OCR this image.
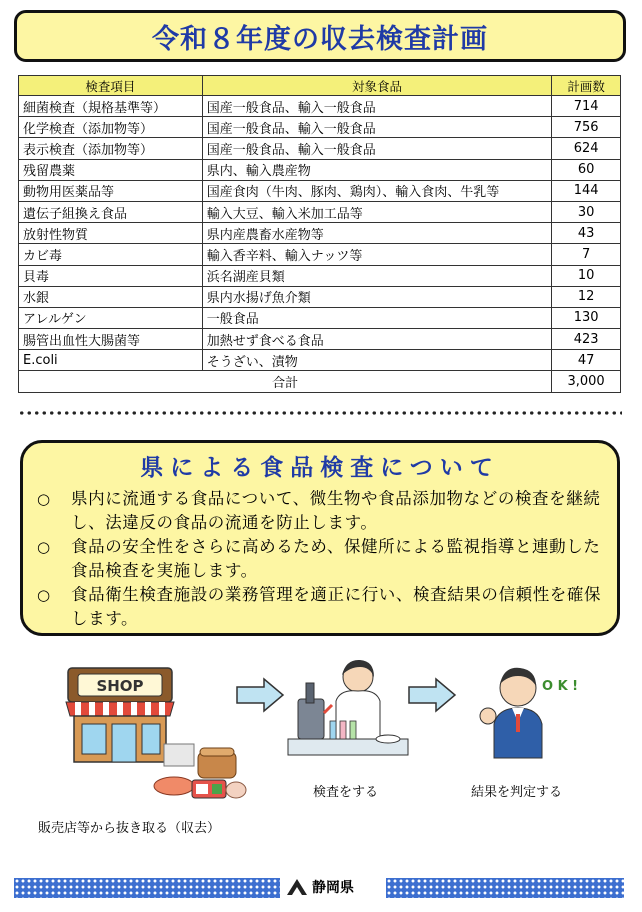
令和８年度の収去検査計画
検査項目	対象食品	計画数
細菌検査（規格基準等）	国産一般食品、輸入一般食品	714
化学検査（添加物等）	国産一般食品、輸入一般食品	756
表示検査（添加物等）	国産一般食品、輸入一般食品	624
残留農薬	県内、輸入農産物	60
動物用医薬品等	国産食肉（牛肉、豚肉、鶏肉）、輸入食肉、牛乳等	144
遺伝子組換え食品	輸入大豆、輸入米加工品等	30
放射性物質	県内産農畜水産物等	43
カビ毒	輸入香辛料、輸入ナッツ等	7
貝毒	浜名湖産貝類	10
水銀	県内水揚げ魚介類	12
アレルゲン	一般食品	130
腸管出血性大腸菌等	加熱せず食べる食品	423
E.coli	そうざい、漬物	47
合計		3,000
県による食品検査について
○	県内に流通する食品について、微生物や食品添加物などの検査を継続し、法違反の食品の流通を防止します。
○	食品の安全性をさらに高めるため、保健所による監視指導と連動した食品検査を実施します。
○	食品衛生検査施設の業務管理を適正に行い、検査結果の信頼性を確保します。
SHOP	O K !
販売店等から抜き取る（収去）
検査をする	結果を判定する
静岡県
